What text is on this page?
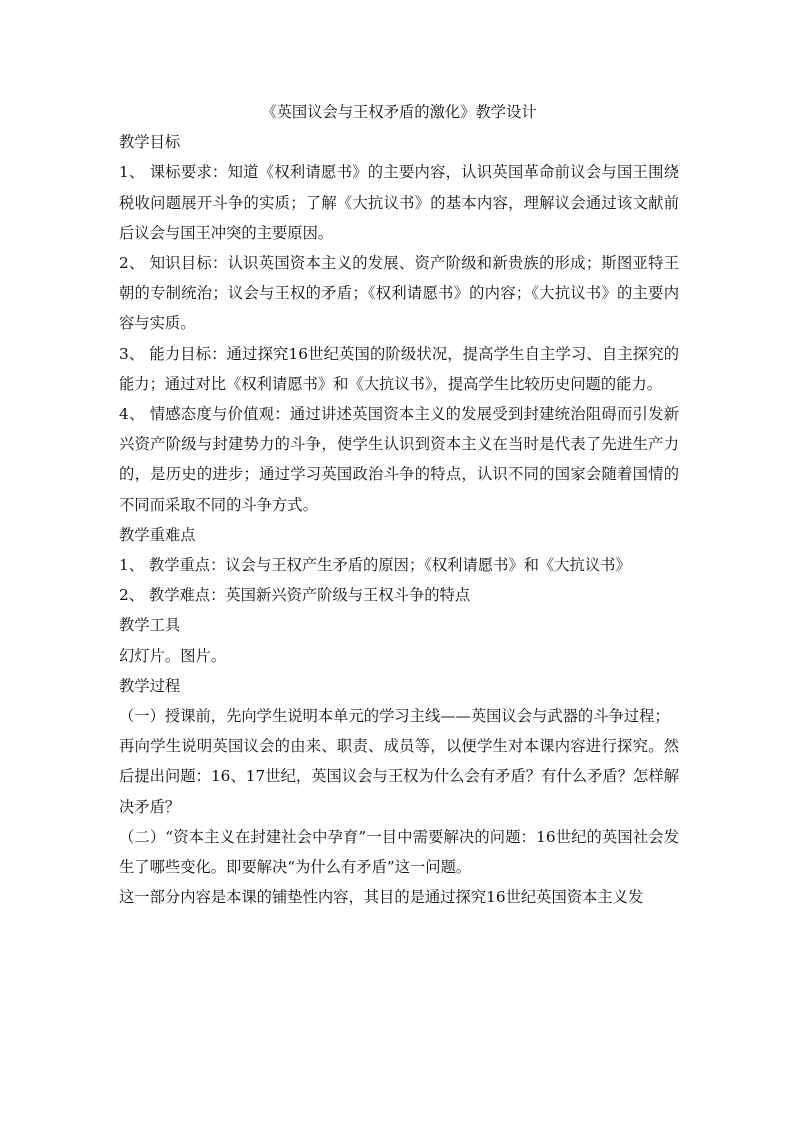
《英国议会与王权矛盾的激化》教学设计

教学目标

1、 课标要求：知道《权利请愿书》的主要内容，认识英国革命前议会与国王围绕税收问题展开斗争的实质；了解《大抗议书》的基本内容，理解议会通过该文献前后议会与国王冲突的主要原因。

2、 知识目标：认识英国资本主义的发展、资产阶级和新贵族的形成；斯图亚特王朝的专制统治；议会与王权的矛盾；《权利请愿书》的内容；《大抗议书》的主要内容与实质。

3、 能力目标：通过探究16世纪英国的阶级状况，提高学生自主学习、自主探究的能力；通过对比《权利请愿书》和《大抗议书》，提高学生比较历史问题的能力。

4、 情感态度与价值观：通过讲述英国资本主义的发展受到封建统治阻碍而引发新兴资产阶级与封建势力的斗争，使学生认识到资本主义在当时是代表了先进生产力的，是历史的进步；通过学习英国政治斗争的特点，认识不同的国家会随着国情的不同而采取不同的斗争方式。

教学重难点

1、 教学重点：议会与王权产生矛盾的原因；《权利请愿书》和《大抗议书》

2、 教学难点：英国新兴资产阶级与王权斗争的特点

教学工具

幻灯片。图片。

教学过程

（一）授课前，先向学生说明本单元的学习主线——英国议会与武器的斗争过程；

再向学生说明英国议会的由来、职责、成员等，以便学生对本课内容进行探究。然后提出问题：16、17世纪，英国议会与王权为什么会有矛盾？有什么矛盾？怎样解决矛盾？

（二）“资本主义在封建社会中孕育”一目中需要解决的问题：16世纪的英国社会发生了哪些变化。即要解决“为什么有矛盾”这一问题。

这一部分内容是本课的铺垫性内容，其目的是通过探究16世纪英国资本主义发
